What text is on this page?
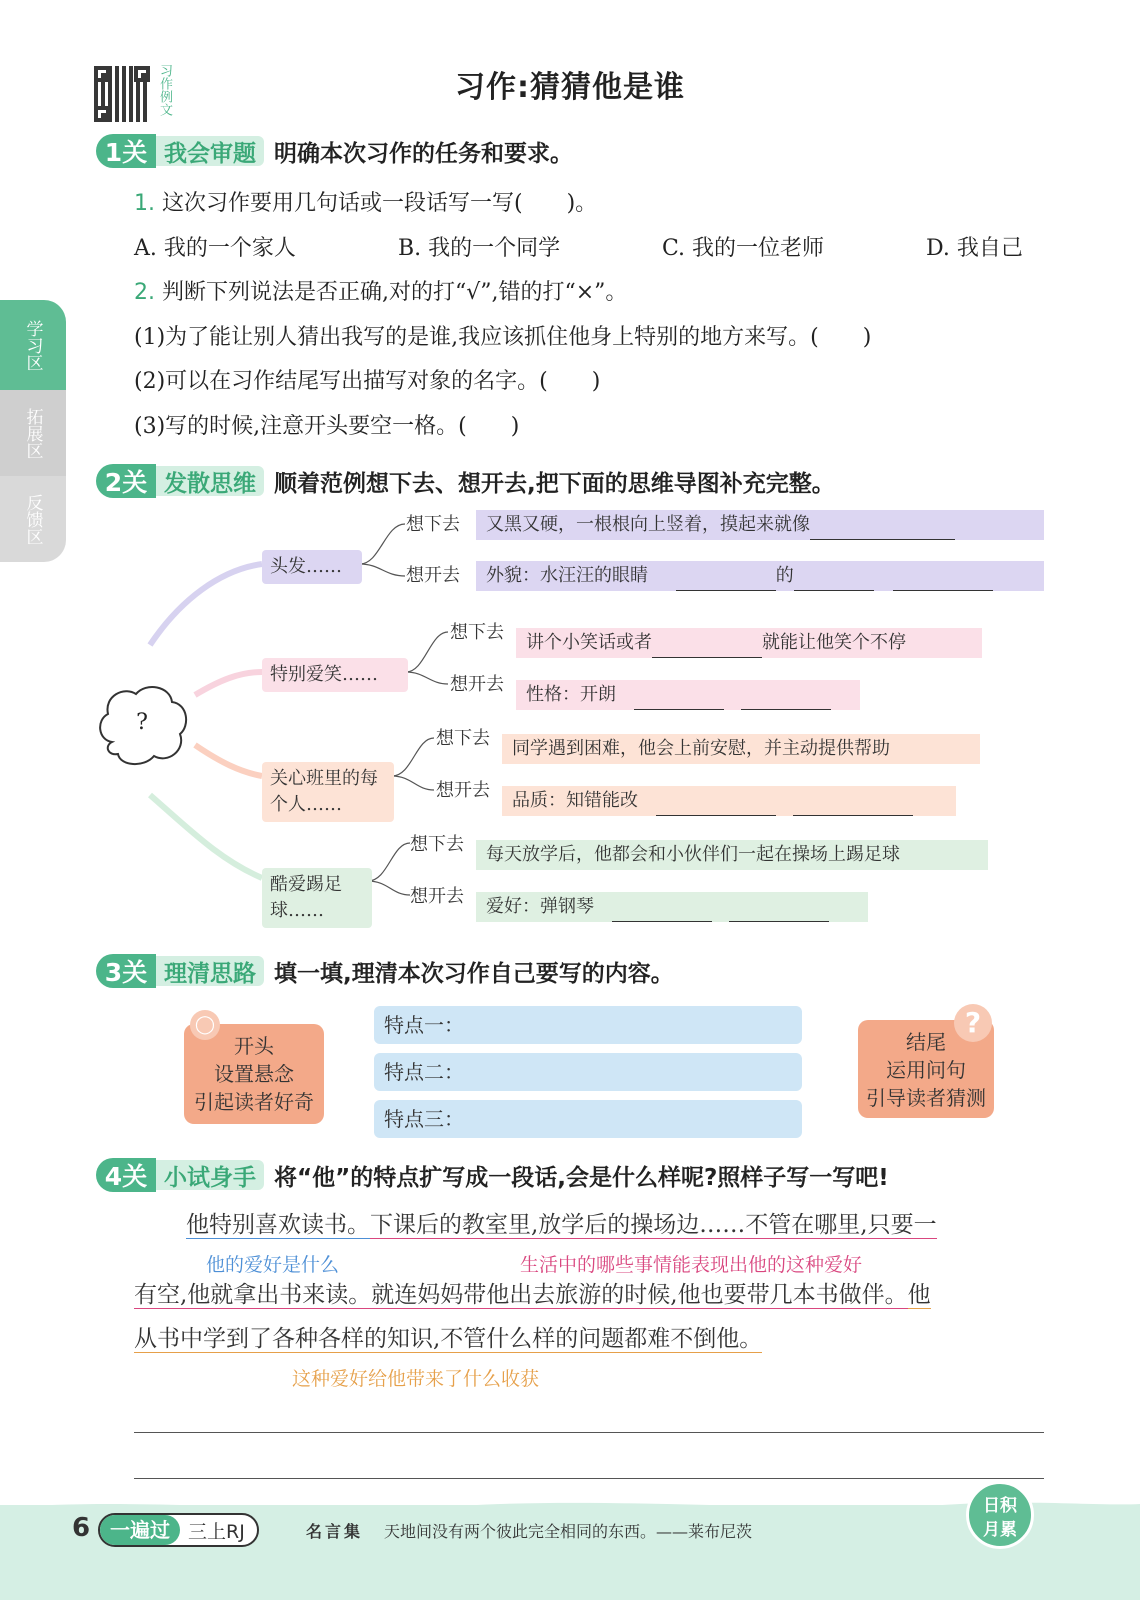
习作例文	习作:猜猜他是谁
学习区
拓展区
反馈区
1关 我会审题 明确本次习作的任务和要求。
1. 这次习作要用几句话或一段话写一写(　　)。
A. 我的一个家人	B. 我的一个同学	C. 我的一位老师	D. 我自己
2. 判断下列说法是否正确,对的打“√”,错的打“×”。
(1)为了能让别人猜出我写的是谁,我应该抓住他身上特别的地方来写。(　　)
(2)可以在习作结尾写出描写对象的名字。(　　)
(3)写的时候,注意开头要空一格。(　　)
2关 发散思维 顺着范例想下去、想开去,把下面的思维导图补充完整。
?
头发……
想下去	又黑又硬，一根根向上竖着，摸起来就像
想开去	外貌：水汪汪的眼睛	的
特别爱笑……
想下去	讲个小笑话或者	就能让他笑个不停
想开去	性格：开朗
关心班里的每个人……
想下去	同学遇到困难，他会上前安慰，并主动提供帮助
想开去	品质：知错能改
酷爱踢足球……
想下去	每天放学后，他都会和小伙伴们一起在操场上踢足球
想开去	爱好：弹钢琴
3关 理清思路 填一填,理清本次习作自己要写的内容。
开头
设置悬念
引起读者好奇
◯	特点一：
特点二：
特点三：
结尾
运用问句
引导读者猜测
?
4关 小试身手 将“他”的特点扩写成一段话,会是什么样呢?照样子写一写吧!
他特别喜欢读书。下课后的教室里,放学后的操场边……不管在哪里,只要一
他的爱好是什么	生活中的哪些事情能表现出他的这种爱好
有空,他就拿出书来读。就连妈妈带他出去旅游的时候,他也要带几本书做伴。他
从书中学到了各种各样的知识,不管什么样的问题都难不倒他。
这种爱好给他带来了什么收获
6 一遍过 三上RJ	名言集 天地间没有两个彼此完全相同的东西。——莱布尼茨
日积
月累
